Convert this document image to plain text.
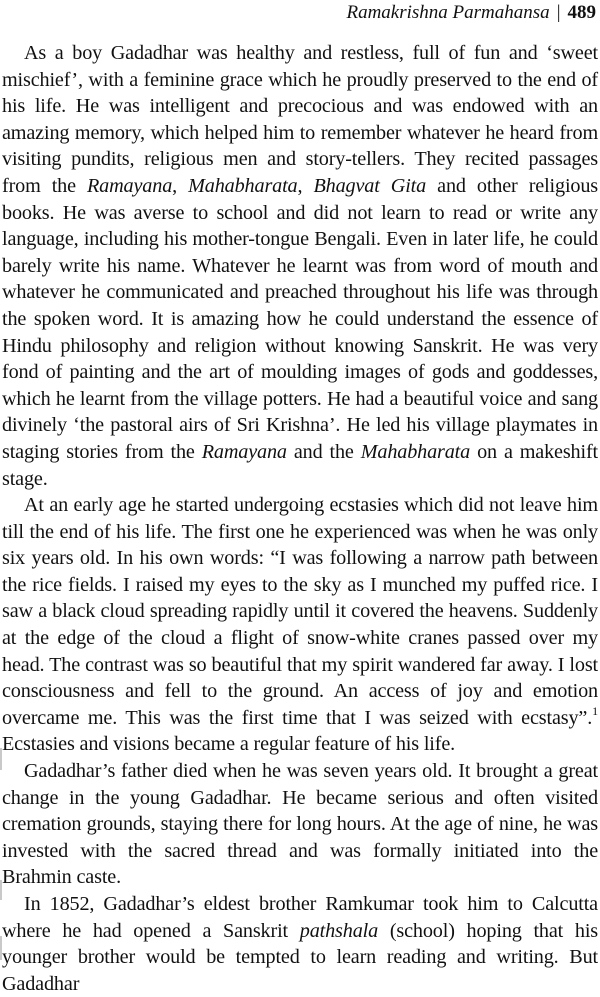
Ramakrishna Parmahansa | 489

As a boy Gadadhar was healthy and restless, full of fun and ‘sweet mischief’, with a feminine grace which he proudly preserved to the end of his life. He was intelligent and precocious and was endowed with an amazing memory, which helped him to remember whatever he heard from visiting pundits, religious men and story-tellers. They recited passages from the Ramayana, Mahabharata, Bhagvat Gita and other religious books. He was averse to school and did not learn to read or write any language, including his mother-tongue Bengali. Even in later life, he could barely write his name. Whatever he learnt was from word of mouth and whatever he communicated and preached throughout his life was through the spoken word. It is amazing how he could understand the essence of Hindu philosophy and religion without knowing Sanskrit. He was very fond of painting and the art of moulding images of gods and goddesses, which he learnt from the village potters. He had a beautiful voice and sang divinely ‘the pastoral airs of Sri Krishna’. He led his village playmates in staging stories from the Ramayana and the Mahabharata on a makeshift stage.

At an early age he started undergoing ecstasies which did not leave him till the end of his life. The first one he experienced was when he was only six years old. In his own words: “I was following a narrow path between the rice fields. I raised my eyes to the sky as I munched my puffed rice. I saw a black cloud spreading rapidly until it covered the heavens. Suddenly at the edge of the cloud a flight of snow-white cranes passed over my head. The contrast was so beautiful that my spirit wandered far away. I lost consciousness and fell to the ground. An access of joy and emotion overcame me. This was the first time that I was seized with ecstasy”.$^1$ Ecstasies and visions became a regular feature of his life.

Gadadhar’s father died when he was seven years old. It brought a great change in the young Gadadhar. He became serious and often visited cremation grounds, staying there for long hours. At the age of nine, he was invested with the sacred thread and was formally initiated into the Brahmin caste.

In 1852, Gadadhar’s eldest brother Ramkumar took him to Calcutta where he had opened a Sanskrit pathshala (school) hoping that his younger brother would be tempted to learn reading and writing. But Gadadhar
